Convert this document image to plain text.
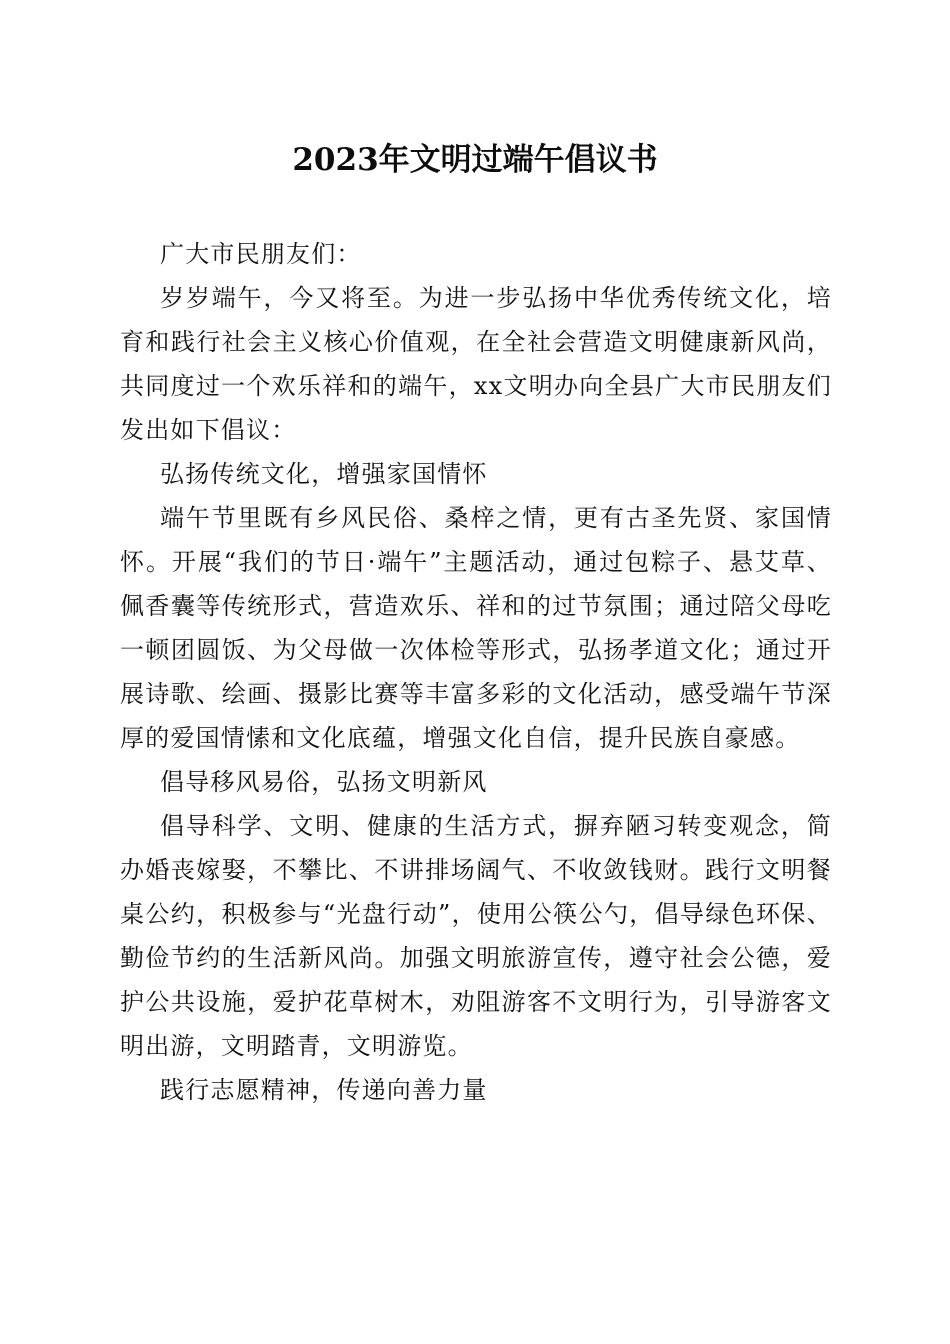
2023年文明过端午倡议书

广大市民朋友们：

岁岁端午，今又将至。为进一步弘扬中华优秀传统文化，培育和践行社会主义核心价值观，在全社会营造文明健康新风尚，共同度过一个欢乐祥和的端午，xx文明办向全县广大市民朋友们发出如下倡议：

弘扬传统文化，增强家国情怀

端午节里既有乡风民俗、桑梓之情，更有古圣先贤、家国情怀。开展“我们的节日·端午”主题活动，通过包粽子、悬艾草、佩香囊等传统形式，营造欢乐、祥和的过节氛围；通过陪父母吃一顿团圆饭、为父母做一次体检等形式，弘扬孝道文化；通过开展诗歌、绘画、摄影比赛等丰富多彩的文化活动，感受端午节深厚的爱国情愫和文化底蕴，增强文化自信，提升民族自豪感。

倡导移风易俗，弘扬文明新风

倡导科学、文明、健康的生活方式，摒弃陋习转变观念，简办婚丧嫁娶，不攀比、不讲排场阔气、不收敛钱财。践行文明餐桌公约，积极参与“光盘行动”，使用公筷公勺，倡导绿色环保、勤俭节约的生活新风尚。加强文明旅游宣传，遵守社会公德，爱护公共设施，爱护花草树木，劝阻游客不文明行为，引导游客文明出游，文明踏青，文明游览。

践行志愿精神，传递向善力量
